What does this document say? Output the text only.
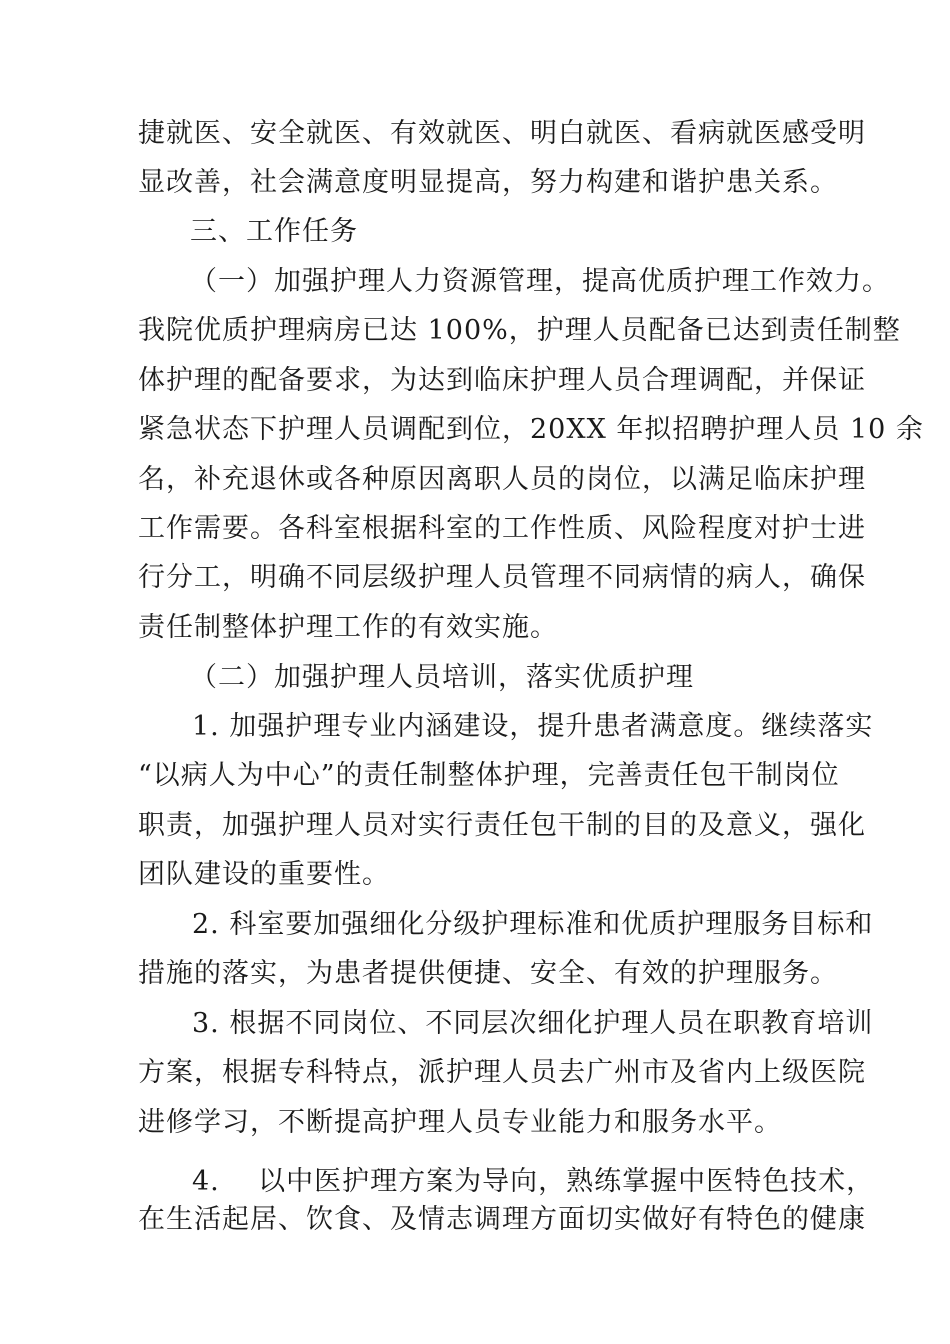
捷就医、安全就医、有效就医、明白就医、看病就医感受明
显改善，社会满意度明显提高，努力构建和谐护患关系。
三、工作任务
（一）加强护理人力资源管理，提高优质护理工作效力。
我院优质护理病房已达 100%，护理人员配备已达到责任制整
体护理的配备要求，为达到临床护理人员合理调配，并保证
紧急状态下护理人员调配到位，20XX 年拟招聘护理人员 10 余
名，补充退休或各种原因离职人员的岗位，以满足临床护理
工作需要。各科室根据科室的工作性质、风险程度对护士进
行分工，明确不同层级护理人员管理不同病情的病人，确保
责任制整体护理工作的有效实施。
（二）加强护理人员培训，落实优质护理
1. 加强护理专业内涵建设，提升患者满意度。继续落实
“以病人为中心”的责任制整体护理，完善责任包干制岗位
职责，加强护理人员对实行责任包干制的目的及意义，强化
团队建设的重要性。
2. 科室要加强细化分级护理标准和优质护理服务目标和
措施的落实，为患者提供便捷、安全、有效的护理服务。
3. 根据不同岗位、不同层次细化护理人员在职教育培训
方案，根据专科特点，派护理人员去广州市及省内上级医院
进修学习，不断提高护理人员专业能力和服务水平。
4.    以中医护理方案为导向，熟练掌握中医特色技术，
在生活起居、饮食、及情志调理方面切实做好有特色的健康
